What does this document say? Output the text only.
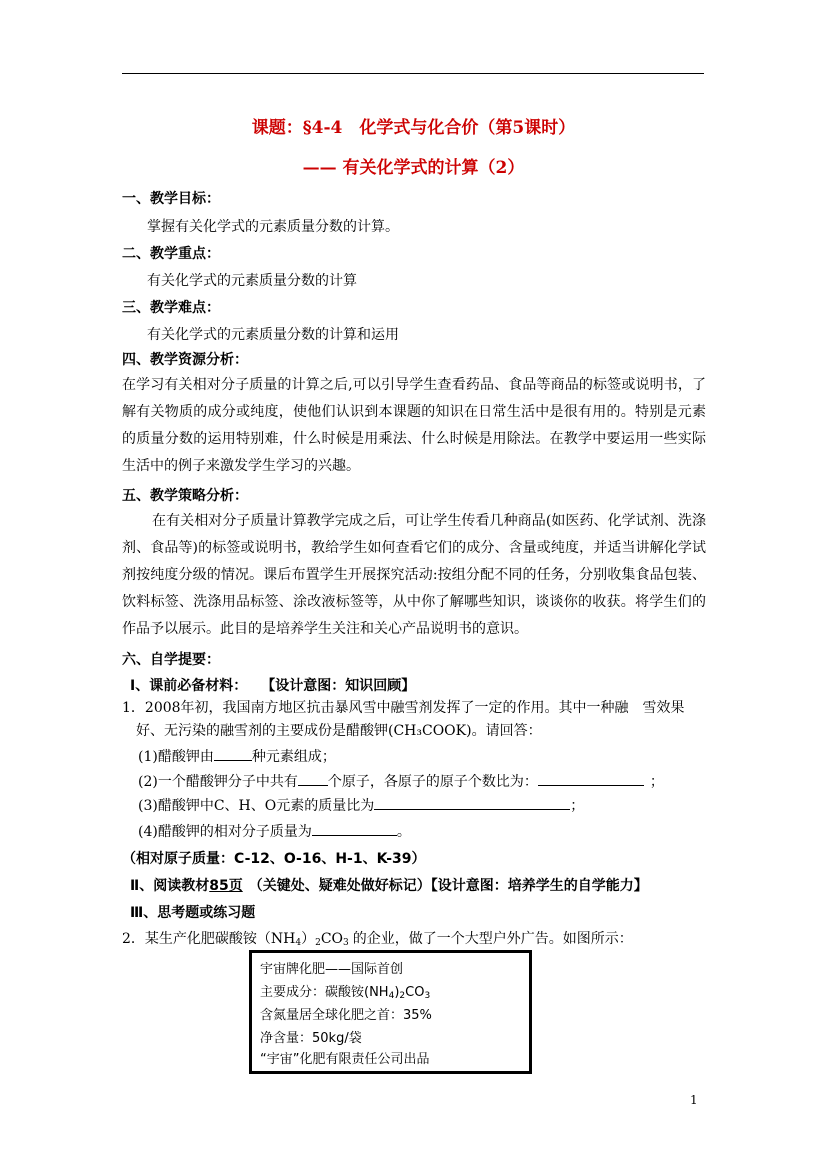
课题：§4-4　化学式与化合价（第5课时）
—— 有关化学式的计算（2）
一、教学目标：
掌握有关化学式的元素质量分数的计算。
二、教学重点：
有关化学式的元素质量分数的计算
三、教学难点：
有关化学式的元素质量分数的计算和运用
四、教学资源分析：
在学习有关相对分子质量的计算之后,可以引导学生查看药品、食品等商品的标签或说明书，了解有关物质的成分或纯度，使他们认识到本课题的知识在日常生活中是很有用的。特别是元素的质量分数的运用特别难，什么时候是用乘法、什么时候是用除法。在教学中要运用一些实际生活中的例子来激发学生学习的兴趣。
五、教学策略分析：
在有关相对分子质量计算教学完成之后，可让学生传看几种商品(如医药、化学试剂、洗涤剂、食品等)的标签或说明书，教给学生如何查看它们的成分、含量或纯度，并适当讲解化学试剂按纯度分级的情况。课后布置学生开展探究活动:按组分配不同的任务，分别收集食品包装、饮料标签、洗涤用品标签、涂改液标签等，从中你了解哪些知识，谈谈你的收获。将学生们的作品予以展示。此目的是培养学生关注和关心产品说明书的意识。
六、自学提要：
Ⅰ、课前必备材料：　　【设计意图：知识回顾】
1．2008年初，我国南方地区抗击暴风雪中融雪剂发挥了一定的作用。其中一种融　雪效果
好、无污染的融雪剂的主要成份是醋酸钾(CH₃COOK)。请回答：
(1)醋酸钾由	种元素组成；
(2)一个醋酸钾分子中共有 个原子，各原子的原子个数比为：	；
(3)醋酸钾中C、H、O元素的质量比为	；
(4)醋酸钾的相对分子质量为	。
（相对原子质量：C-12、O-16、H-1、K-39）
Ⅱ、阅读教材85页 （关键处、疑难处做好标记）【设计意图：培养学生的自学能力】
Ⅲ、思考题或练习题
2．某生产化肥碳酸铵$(NH_4)_2CO_3$ 的企业，做了一个大型户外广告。如图所示：
宇宙牌化肥——国际首创
主要成分：碳酸铵$(NH_4)_2CO_3$
含氮量居全球化肥之首：35%
净含量：50kg/袋
“宇宙”化肥有限责任公司出品
1
